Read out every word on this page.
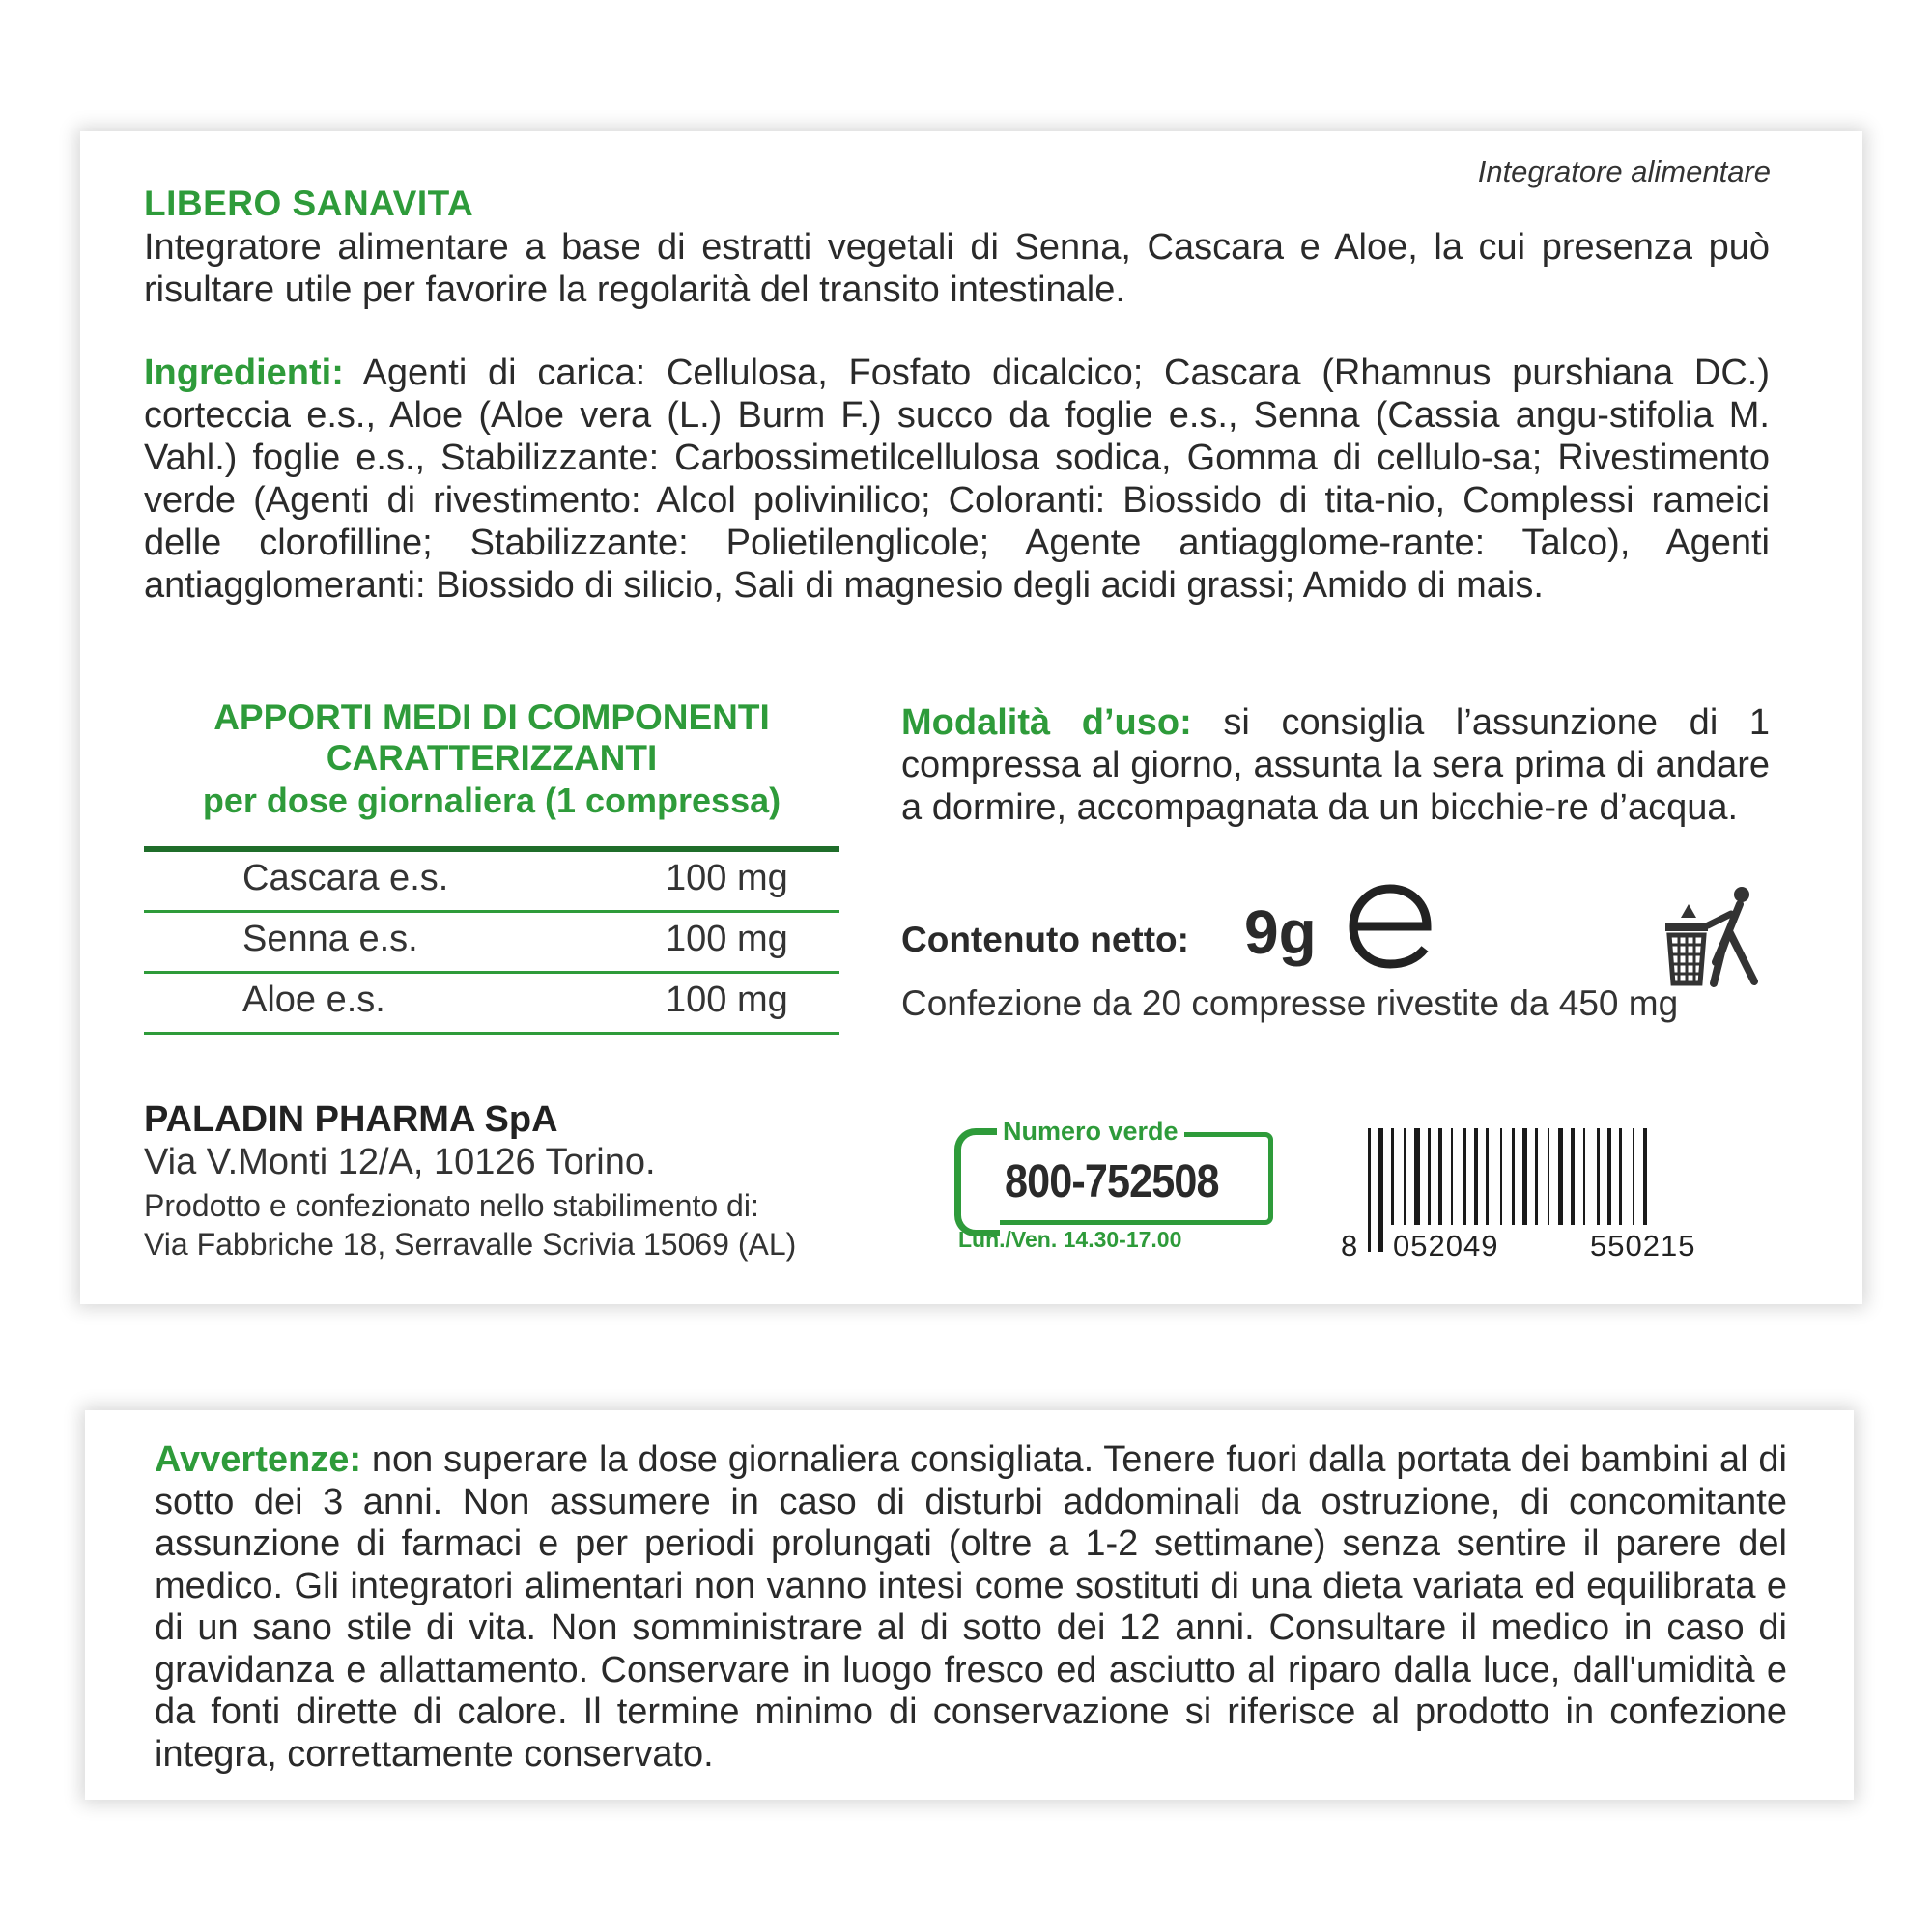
Integratore alimentare
LIBERO SANAVITA
Integratore alimentare a base di estratti vegetali di Senna, Cascara e Aloe, la cui presenza può risultare utile per favorire la regolarità del transito intestinale.
Ingredienti: Agenti di carica: Cellulosa, Fosfato dicalcico; Cascara (Rhamnus purshiana DC.) corteccia e.s., Aloe (Aloe vera (L.) Burm F.) succo da foglie e.s., Senna (Cassia angu-stifolia M. Vahl.) foglie e.s., Stabilizzante: Carbossimetilcellulosa sodica, Gomma di cellulo-sa; Rivestimento verde (Agenti di rivestimento: Alcol polivinilico; Coloranti: Biossido di tita-nio, Complessi rameici delle clorofilline; Stabilizzante: Polietilenglicole; Agente antiagglome-rante: Talco), Agenti antiagglomeranti: Biossido di silicio, Sali di magnesio degli acidi grassi; Amido di mais.
APPORTI MEDI DI COMPONENTI
CARATTERIZZANTI
per dose giornaliera (1 compressa)
Cascara e.s.	100 mg
Senna e.s.	100 mg
Aloe e.s.	100 mg
Modalità d’uso: si consiglia l’assunzione di 1 compressa al giorno, assunta la sera prima di andare a dormire, accompagnata da un bicchie-re d’acqua.
Contenuto netto: 9g
Confezione da 20 compresse rivestite da 450 mg
PALADIN PHARMA SpA
Via V.Monti 12/A, 10126 Torino.
Prodotto e confezionato nello stabilimento di:
Via Fabbriche 18, Serravalle Scrivia 15069 (AL)
Numero verde
800-752508
Lun./Ven. 14.30-17.00	8 052049	550215
Avvertenze: non superare la dose giornaliera consigliata. Tenere fuori dalla portata dei bambini al di sotto dei 3 anni. Non assumere in caso di disturbi addominali da ostruzione, di concomitante assunzione di farmaci e per periodi prolungati (oltre a 1-2 settimane) senza sentire il parere del medico. Gli integratori alimentari non vanno intesi come sostituti di una dieta variata ed equilibrata e di un sano stile di vita. Non somministrare al di sotto dei 12 anni. Consultare il medico in caso di gravidanza e allattamento. Conservare in luogo fresco ed asciutto al riparo dalla luce, dall'umidità e da fonti dirette di calore. Il termine minimo di conservazione si riferisce al prodotto in confezione integra, correttamente conservato.
